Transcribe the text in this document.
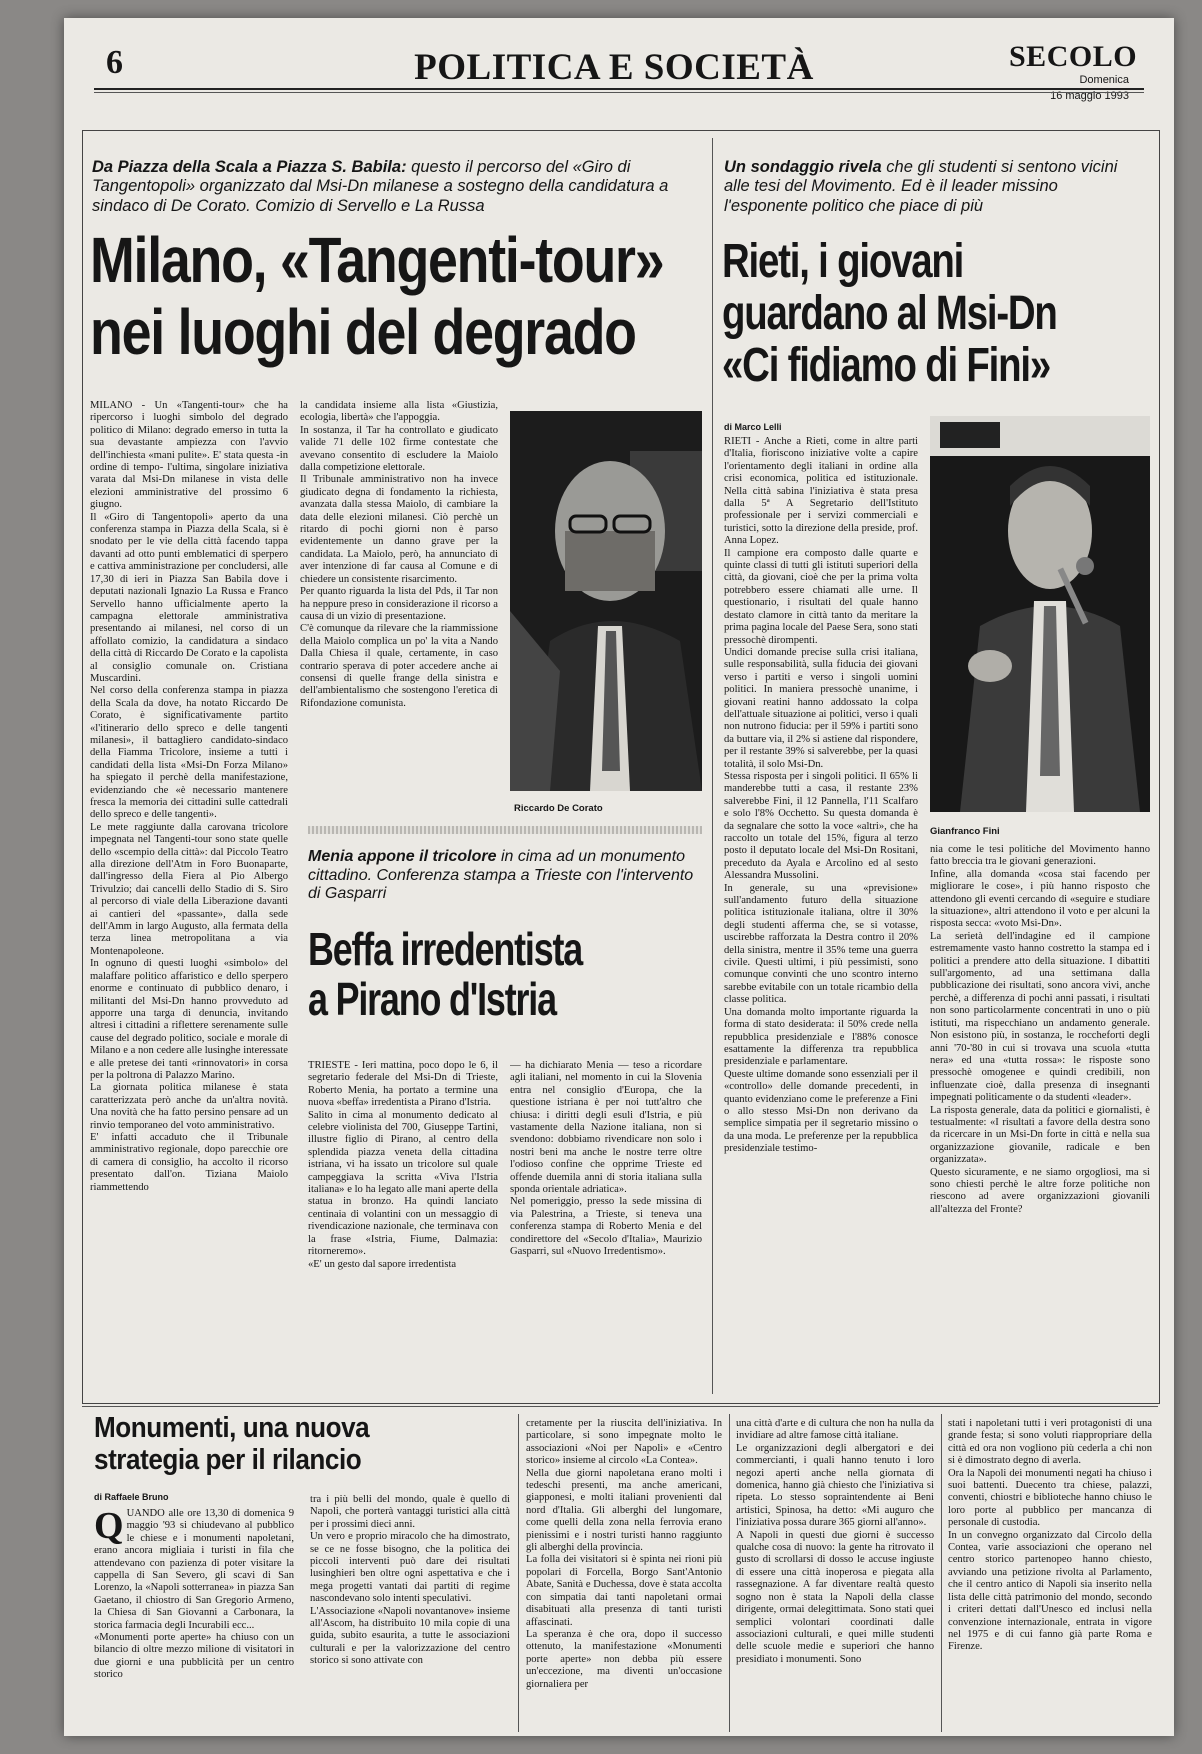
6	POLITICA E SOCIETÀ	SECOLO
Domenica
16 maggio 1993
Da Piazza della Scala a Piazza S. Babila: questo il percorso del «Giro di Tangentopoli» organizzato dal Msi-Dn milanese a sostegno della candidatura a sindaco di De Corato. Comizio di Servello e La Russa
Milano, «Tangenti-tour»
nei luoghi del degrado
MILANO - Un «Tangenti-tour» che ha ripercorso i luoghi simbolo del degrado politico di Milano: degrado emerso in tutta la sua devastante ampiezza con l'avvio dell'inchiesta «mani pulite». E' stata questa -in ordine di tempo- l'ultima, singolare iniziativa varata dal Msi-Dn milanese in vista delle elezioni amministrative del prossimo 6 giugno.
Il «Giro di Tangentopoli» aperto da una conferenza stampa in Piazza della Scala, si è snodato per le vie della città facendo tappa davanti ad otto punti emblematici di sperpero e cattiva amministrazione per concludersi, alle 17,30 di ieri in Piazza San Babila dove i deputati nazionali Ignazio La Russa e Franco Servello hanno ufficialmente aperto la campagna elettorale amministrativa presentando ai milanesi, nel corso di un affollato comizio, la candidatura a sindaco della città di Riccardo De Corato e la capolista al consiglio comunale on. Cristiana Muscardini.
Nel corso della conferenza stampa in piazza della Scala da dove, ha notato Riccardo De Corato, è significativamente partito «l'itinerario dello spreco e delle tangenti milanesi», il battagliero candidato-sindaco della Fiamma Tricolore, insieme a tutti i candidati della lista «Msi-Dn Forza Milano» ha spiegato il perchè della manifestazione, evidenziando che «è necessario mantenere fresca la memoria dei cittadini sulle cattedrali dello spreco e delle tangenti».
Le mete raggiunte dalla carovana tricolore impegnata nel Tangenti-tour sono state quelle dello «scempio della città»: dal Piccolo Teatro alla direzione dell'Atm in Foro Buonaparte, dall'ingresso della Fiera al Pio Albergo Trivulzio; dai cancelli dello Stadio di S. Siro al percorso di viale della Liberazione davanti ai cantieri del «passante», dalla sede dell'Amm in largo Augusto, alla fermata della terza linea metropolitana a via Montenapoleone.
In ognuno di questi luoghi «simbolo» del malaffare politico affaristico e dello sperpero enorme e continuato di pubblico denaro, i militanti del Msi-Dn hanno provveduto ad apporre una targa di denuncia, invitando altresì i cittadini a riflettere serenamente sulle cause del degrado politico, sociale e morale di Milano e a non cedere alle lusinghe interessate e alle pretese dei tanti «rinnovatori» in corsa per la poltrona di Palazzo Marino.
La giornata politica milanese è stata caratterizzata però anche da un'altra novità. Una novità che ha fatto persino pensare ad un rinvio temporaneo del voto amministrativo.
E' infatti accaduto che il Tribunale amministrativo regionale, dopo parecchie ore di camera di consiglio, ha accolto il ricorso presentato dall'on. Tiziana Maiolo riammettendo
la candidata insieme alla lista «Giustizia, ecologia, libertà» che l'appoggia.
In sostanza, il Tar ha controllato e giudicato valide 71 delle 102 firme contestate che avevano consentito di escludere la Maiolo dalla competizione elettorale.
Il Tribunale amministrativo non ha invece giudicato degna di fondamento la richiesta, avanzata dalla stessa Maiolo, di cambiare la data delle elezioni milanesi. Ciò perchè un ritardo di pochi giorni non è parso evidentemente un danno grave per la candidata. La Maiolo, però, ha annunciato di aver intenzione di far causa al Comune e di chiedere un consistente risarcimento.
Per quanto riguarda la lista del Pds, il Tar non ha neppure preso in considerazione il ricorso a causa di un vizio di presentazione.
C'è comunque da rilevare che la riammissione della Maiolo complica un po' la vita a Nando Dalla Chiesa il quale, certamente, in caso contrario sperava di poter accedere anche ai consensi di quelle frange della sinistra e dell'ambientalismo che sostengono l'eretica di Rifondazione comunista.
Riccardo De Corato
Menia appone il tricolore in cima ad un monumento cittadino. Conferenza stampa a Trieste con l'intervento di Gasparri
Beffa irredentista
a Pirano d'Istria
TRIESTE - Ieri mattina, poco dopo le 6, il segretario federale del Msi-Dn di Trieste, Roberto Menia, ha portato a termine una nuova «beffa» irredentista a Pirano d'Istria.
Salito in cima al monumento dedicato al celebre violinista del 700, Giuseppe Tartini, illustre figlio di Pirano, al centro della splendida piazza veneta della cittadina istriana, vi ha issato un tricolore sul quale campeggiava la scritta «Viva l'Istria italiana» e lo ha legato alle mani aperte della statua in bronzo. Ha quindi lanciato centinaia di volantini con un messaggio di rivendicazione nazionale, che terminava con la frase «Istria, Fiume, Dalmazia: ritorneremo».
«E' un gesto dal sapore irredentista
— ha dichiarato Menia — teso a ricordare agli italiani, nel momento in cui la Slovenia entra nel consiglio d'Europa, che la questione istriana è per noi tutt'altro che chiusa: i diritti degli esuli d'Istria, e più vastamente della Nazione italiana, non si svendono: dobbiamo rivendicare non solo i nostri beni ma anche le nostre terre oltre l'odioso confine che opprime Trieste ed offende duemila anni di storia italiana sulla sponda orientale adriatica».
Nel pomeriggio, presso la sede missina di via Palestrina, a Trieste, si teneva una conferenza stampa di Roberto Menia e del condirettore del «Secolo d'Italia», Maurizio Gasparri, sul «Nuovo Irredentismo».
Un sondaggio rivela che gli studenti si sentono vicini alle tesi del Movimento. Ed è il leader missino l'esponente politico che piace di più
Rieti, i giovani
guardano al Msi-Dn
«Ci fidiamo di Fini»
di Marco Lelli
RIETI - Anche a Rieti, come in altre parti d'Italia, fioriscono iniziative volte a capire l'orientamento degli italiani in ordine alla crisi economica, politica ed istituzionale. Nella città sabina l'iniziativa è stata presa dalla 5ª A Segretario dell'Istituto professionale per i servizi commerciali e turistici, sotto la direzione della preside, prof. Anna Lopez.
Il campione era composto dalle quarte e quinte classi di tutti gli istituti superiori della città, da giovani, cioè che per la prima volta potrebbero essere chiamati alle urne. Il questionario, i risultati del quale hanno destato clamore in città tanto da meritare la prima pagina locale del Paese Sera, sono stati pressochè dirompenti.
Undici domande precise sulla crisi italiana, sulle responsabilità, sulla fiducia dei giovani verso i partiti e verso i singoli uomini politici. In maniera pressochè unanime, i giovani reatini hanno addossato la colpa dell'attuale situazione ai politici, verso i quali non nutrono fiducia: per il 59% i partiti sono da buttare via, il 2% si astiene dal rispondere, per il restante 39% si salverebbe, per la quasi totalità, il solo Msi-Dn.
Stessa risposta per i singoli politici. Il 65% li manderebbe tutti a casa, il restante 23% salverebbe Fini, il 12 Pannella, l'11 Scalfaro e solo l'8% Occhetto. Su questa domanda è da segnalare che sotto la voce «altri», che ha raccolto un totale del 15%, figura al terzo posto il deputato locale del Msi-Dn Rositani, preceduto da Ayala e Arcolino ed al sesto Alessandra Mussolini.
In generale, su una «previsione» sull'andamento futuro della situazione politica istituzionale italiana, oltre il 30% degli studenti afferma che, se si votasse, uscirebbe rafforzata la Destra contro il 20% della sinistra, mentre il 35% teme una guerra civile. Questi ultimi, i più pessimisti, sono comunque convinti che uno scontro interno sarebbe evitabile con un totale ricambio della classe politica.
Una domanda molto importante riguarda la forma di stato desiderata: il 50% crede nella repubblica presidenziale e l'88% conosce esattamente la differenza tra repubblica presidenziale e parlamentare.
Queste ultime domande sono essenziali per il «controllo» delle domande precedenti, in quanto evidenziano come le preferenze a Fini o allo stesso Msi-Dn non derivano da semplice simpatia per il segretario missino o da una moda. Le preferenze per la repubblica presidenziale testimo-
Gianfranco Fini
nia come le tesi politiche del Movimento hanno fatto breccia tra le giovani generazioni.
Infine, alla domanda «cosa stai facendo per migliorare le cose», i più hanno risposto che attendono gli eventi cercando di «seguire e studiare la situazione», altri attendono il voto e per alcuni la risposta secca: «voto Msi-Dn».
La serietà dell'indagine ed il campione estremamente vasto hanno costretto la stampa ed i politici a prendere atto della situazione. I dibattiti sull'argomento, ad una settimana dalla pubblicazione dei risultati, sono ancora vivi, anche perchè, a differenza di pochi anni passati, i risultati non sono particolarmente concentrati in uno o più istituti, ma rispecchiano un andamento generale. Non esistono più, in sostanza, le roccheforti degli anni '70-'80 in cui si trovava una scuola «tutta nera» ed una «tutta rossa»: le risposte sono pressochè omogenee e quindi credibili, non influenzate cioè, dalla presenza di insegnanti impegnati politicamente o da studenti «leader».
La risposta generale, data da politici e giornalisti, è testualmente: «I risultati a favore della destra sono da ricercare in un Msi-Dn forte in città e nella sua organizzazione giovanile, radicale e ben organizzata».
Questo sicuramente, e ne siamo orgogliosi, ma si sono chiesti perchè le altre forze politiche non riescono ad avere organizzazioni giovanili all'altezza del Fronte?
Monumenti, una nuova
strategia per il rilancio
di Raffaele Bruno
QUANDO alle ore 13,30 di domenica 9 maggio '93 si chiudevano al pubblico le chiese e i monumenti napoletani, erano ancora migliaia i turisti in fila che attendevano con pazienza di poter visitare la cappella di San Severo, gli scavi di San Lorenzo, la «Napoli sotterranea» in piazza San Gaetano, il chiostro di San Gregorio Armeno, la Chiesa di San Giovanni a Carbonara, la storica farmacia degli Incurabili ecc...
«Monumenti porte aperte» ha chiuso con un bilancio di oltre mezzo milione di visitatori in due giorni e una pubblicità per un centro storico
tra i più belli del mondo, quale è quello di Napoli, che porterà vantaggi turistici alla città per i prossimi dieci anni.
Un vero e proprio miracolo che ha dimostrato, se ce ne fosse bisogno, che la politica dei piccoli interventi può dare dei risultati lusinghieri ben oltre ogni aspettativa e che i mega progetti vantati dai partiti di regime nascondevano solo intenti speculativi.
L'Associazione «Napoli novantanove» insieme all'Ascom, ha distribuito 10 mila copie di una guida, subito esaurita, a tutte le associazioni culturali e per la valorizzazione del centro storico si sono attivate con
cretamente per la riuscita dell'iniziativa. In particolare, si sono impegnate molto le associazioni «Noi per Napoli» e «Centro storico» insieme al circolo «La Contea».
Nella due giorni napoletana erano molti i tedeschi presenti, ma anche americani, giapponesi, e molti italiani provenienti dal nord d'Italia. Gli alberghi del lungomare, come quelli della zona nella ferrovia erano pienissimi e i nostri turisti hanno raggiunto gli alberghi della provincia.
La folla dei visitatori si è spinta nei rioni più popolari di Forcella, Borgo Sant'Antonio Abate, Sanità e Duchessa, dove è stata accolta con simpatia dai tanti napoletani ormai disabituati alla presenza di tanti turisti affascinati.
La speranza è che ora, dopo il successo ottenuto, la manifestazione «Monumenti porte aperte» non debba più essere un'eccezione, ma diventi un'occasione giornaliera per
una città d'arte e di cultura che non ha nulla da invidiare ad altre famose città italiane.
Le organizzazioni degli albergatori e dei commercianti, i quali hanno tenuto i loro negozi aperti anche nella giornata di domenica, hanno già chiesto che l'iniziativa si ripeta. Lo stesso sopraintendente ai Beni artistici, Spinosa, ha detto: «Mi auguro che l'iniziativa possa durare 365 giorni all'anno».
A Napoli in questi due giorni è successo qualche cosa di nuovo: la gente ha ritrovato il gusto di scrollarsi di dosso le accuse ingiuste di essere una città inoperosa e piegata alla rassegnazione. A far diventare realtà questo sogno non è stata la Napoli della classe dirigente, ormai delegittimata. Sono stati quei semplici volontari coordinati dalle associazioni culturali, e quei mille studenti delle scuole medie e superiori che hanno presidiato i monumenti. Sono
stati i napoletani tutti i veri protagonisti di una grande festa; si sono voluti riappropriare della città ed ora non vogliono più cederla a chi non si è dimostrato degno di averla.
Ora la Napoli dei monumenti negati ha chiuso i suoi battenti. Duecento tra chiese, palazzi, conventi, chiostri e biblioteche hanno chiuso le loro porte al pubblico per mancanza di personale di custodia.
In un convegno organizzato dal Circolo della Contea, varie associazioni che operano nel centro storico partenopeo hanno chiesto, avviando una petizione rivolta al Parlamento, che il centro antico di Napoli sia inserito nella lista delle città patrimonio del mondo, secondo i criteri dettati dall'Unesco ed inclusi nella convenzione internazionale, entrata in vigore nel 1975 e di cui fanno già parte Roma e Firenze.
